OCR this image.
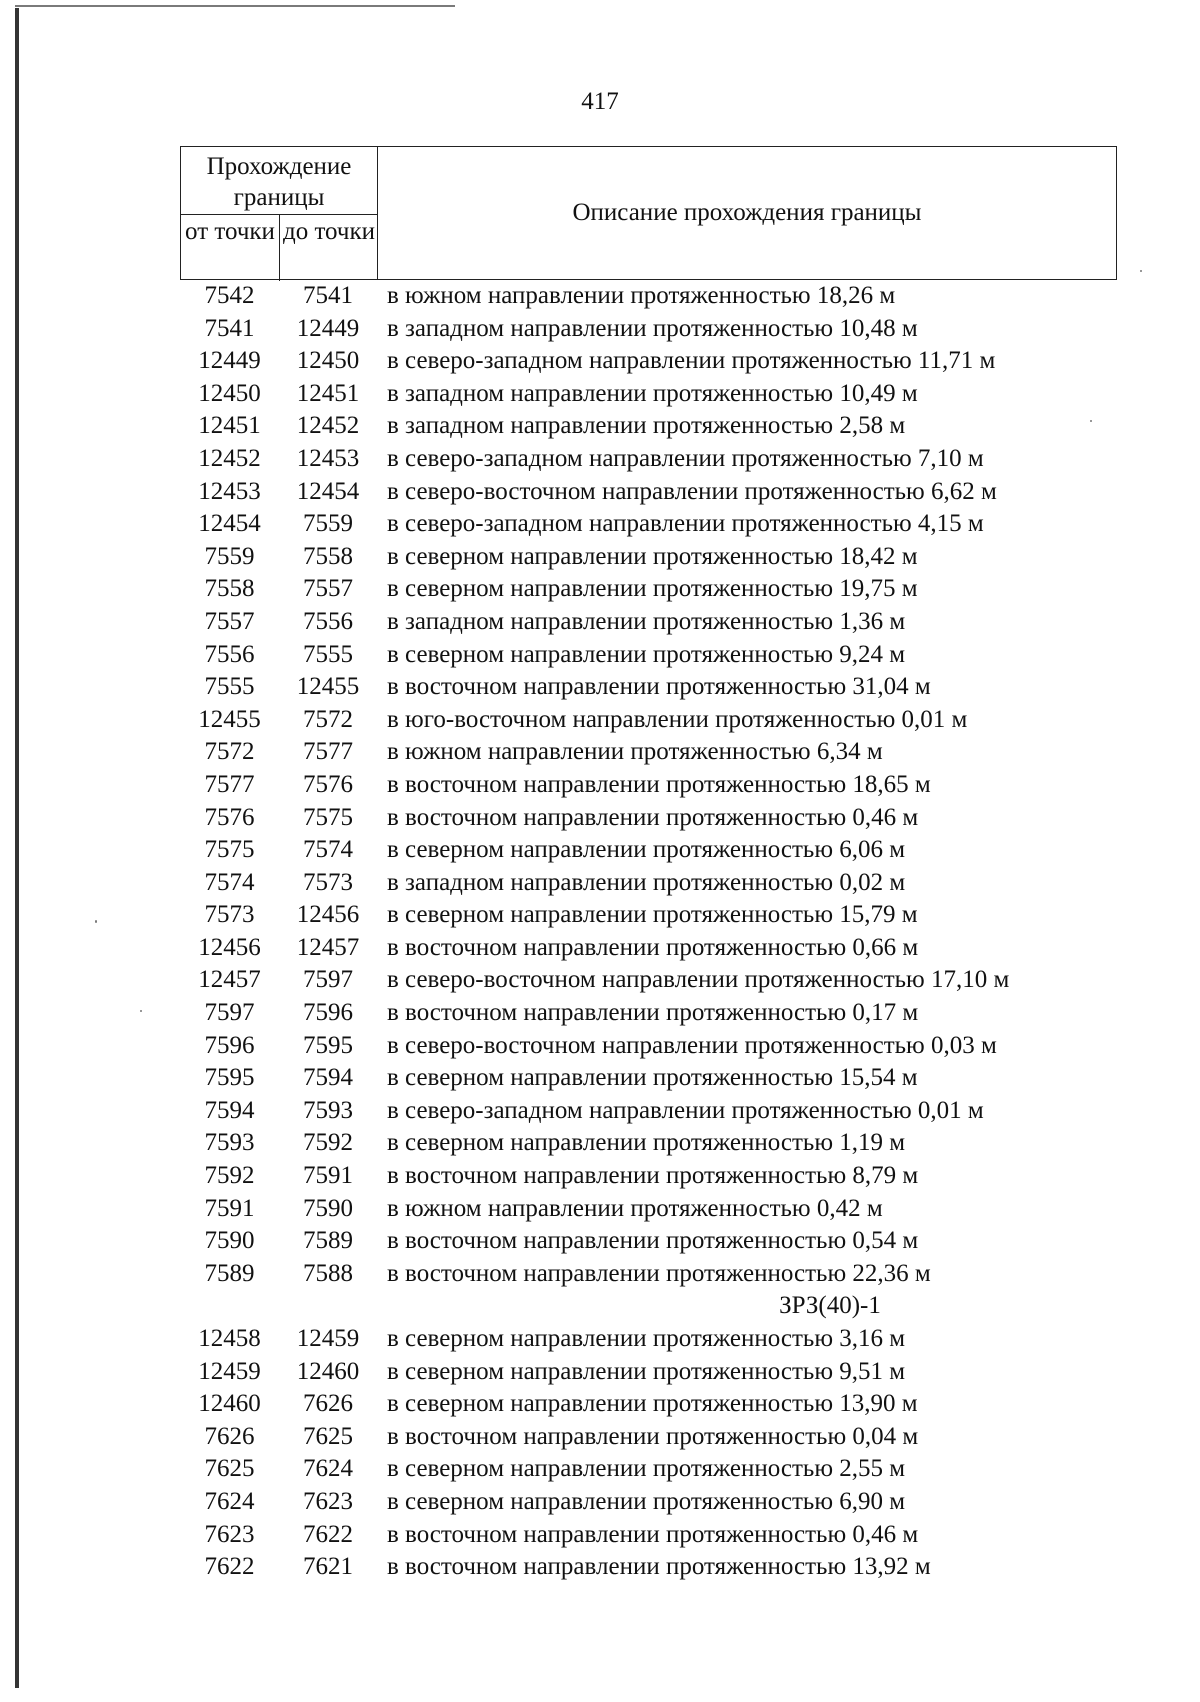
417
Прохождение границы
от точки до точки
Описание прохождения границы
7542	7541	в южном направлении протяженностью 18,26 м
7541	12449	в западном направлении протяженностью 10,48 м
12449	12450	в северо-западном направлении протяженностью 11,71 м
12450	12451	в западном направлении протяженностью 10,49 м
12451	12452	в западном направлении протяженностью 2,58 м
12452	12453	в северо-западном направлении протяженностью 7,10 м
12453	12454	в северо-восточном направлении протяженностью 6,62 м
12454	7559	в северо-западном направлении протяженностью 4,15 м
7559	7558	в северном направлении протяженностью 18,42 м
7558	7557	в северном направлении протяженностью 19,75 м
7557	7556	в западном направлении протяженностью 1,36 м
7556	7555	в северном направлении протяженностью 9,24 м
7555	12455	в восточном направлении протяженностью 31,04 м
12455	7572	в юго-восточном направлении протяженностью 0,01 м
7572	7577	в южном направлении протяженностью 6,34 м
7577	7576	в восточном направлении протяженностью 18,65 м
7576	7575	в восточном направлении протяженностью 0,46 м
7575	7574	в северном направлении протяженностью 6,06 м
7574	7573	в западном направлении протяженностью 0,02 м
7573	12456	в северном направлении протяженностью 15,79 м
12456	12457	в восточном направлении протяженностью 0,66 м
12457	7597	в северо-восточном направлении протяженностью 17,10 м
7597	7596	в восточном направлении протяженностью 0,17 м
7596	7595	в северо-восточном направлении протяженностью 0,03 м
7595	7594	в северном направлении протяженностью 15,54 м
7594	7593	в северо-западном направлении протяженностью 0,01 м
7593	7592	в северном направлении протяженностью 1,19 м
7592	7591	в восточном направлении протяженностью 8,79 м
7591	7590	в южном направлении протяженностью 0,42 м
7590	7589	в восточном направлении протяженностью 0,54 м
7589	7588	в восточном направлении протяженностью 22,36 м
ЗРЗ(40)-1
12458	12459	в северном направлении протяженностью 3,16 м
12459	12460	в северном направлении протяженностью 9,51 м
12460	7626	в северном направлении протяженностью 13,90 м
7626	7625	в восточном направлении протяженностью 0,04 м
7625	7624	в северном направлении протяженностью 2,55 м
7624	7623	в северном направлении протяженностью 6,90 м
7623	7622	в восточном направлении протяженностью 0,46 м
7622	7621	в восточном направлении протяженностью 13,92 м
